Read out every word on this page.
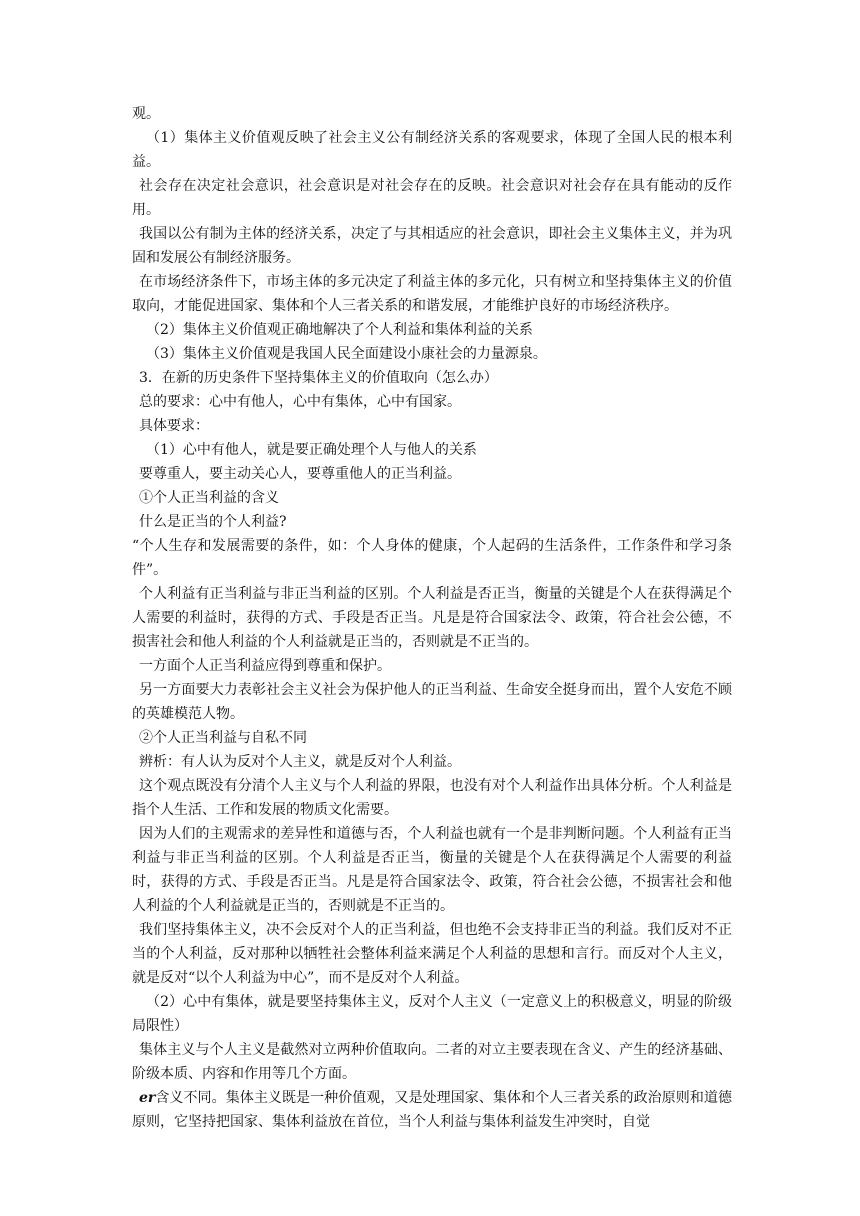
观。

（1）集体主义价值观反映了社会主义公有制经济关系的客观要求，体现了全国人民的根本利益。

社会存在决定社会意识，社会意识是对社会存在的反映。社会意识对社会存在具有能动的反作用。

我国以公有制为主体的经济关系，决定了与其相适应的社会意识，即社会主义集体主义，并为巩固和发展公有制经济服务。

在市场经济条件下，市场主体的多元决定了利益主体的多元化，只有树立和坚持集体主义的价值取向，才能促进国家、集体和个人三者关系的和谐发展，才能维护良好的市场经济秩序。

（2）集体主义价值观正确地解决了个人利益和集体利益的关系

（3）集体主义价值观是我国人民全面建设小康社会的力量源泉。

3．在新的历史条件下坚持集体主义的价值取向（怎么办）

总的要求：心中有他人，心中有集体，心中有国家。

具体要求：

（1）心中有他人，就是要正确处理个人与他人的关系

要尊重人，要主动关心人，要尊重他人的正当利益。

①个人正当利益的含义

什么是正当的个人利益?

“个人生存和发展需要的条件，如：个人身体的健康，个人起码的生活条件，工作条件和学习条件”。

个人利益有正当利益与非正当利益的区别。个人利益是否正当，衡量的关键是个人在获得满足个人需要的利益时，获得的方式、手段是否正当。凡是是符合国家法令、政策，符合社会公德，不损害社会和他人利益的个人利益就是正当的，否则就是不正当的。

一方面个人正当利益应得到尊重和保护。

另一方面要大力表彰社会主义社会为保护他人的正当利益、生命安全挺身而出，置个人安危不顾的英雄模范人物。

②个人正当利益与自私不同

辨析：有人认为反对个人主义，就是反对个人利益。

这个观点既没有分清个人主义与个人利益的界限，也没有对个人利益作出具体分析。个人利益是指个人生活、工作和发展的物质文化需要。

因为人们的主观需求的差异性和道德与否，个人利益也就有一个是非判断问题。个人利益有正当利益与非正当利益的区别。个人利益是否正当，衡量的关键是个人在获得满足个人需要的利益时，获得的方式、手段是否正当。凡是是符合国家法令、政策，符合社会公德，不损害社会和他人利益的个人利益就是正当的，否则就是不正当的。

我们坚持集体主义，决不会反对个人的正当利益，但也绝不会支持非正当的利益。我们反对不正当的个人利益，反对那种以牺牲社会整体利益来满足个人利益的思想和言行。而反对个人主义，就是反对“以个人利益为中心”，而不是反对个人利益。

（2）心中有集体，就是要坚持集体主义，反对个人主义（一定意义上的积极意义，明显的阶级局限性）

集体主义与个人主义是截然对立两种价值取向。二者的对立主要表现在含义、产生的经济基础、阶级本质、内容和作用等几个方面。

er含义不同。集体主义既是一种价值观，又是处理国家、集体和个人三者关系的政治原则和道德原则，它坚持把国家、集体利益放在首位，当个人利益与集体利益发生冲突时，自觉
